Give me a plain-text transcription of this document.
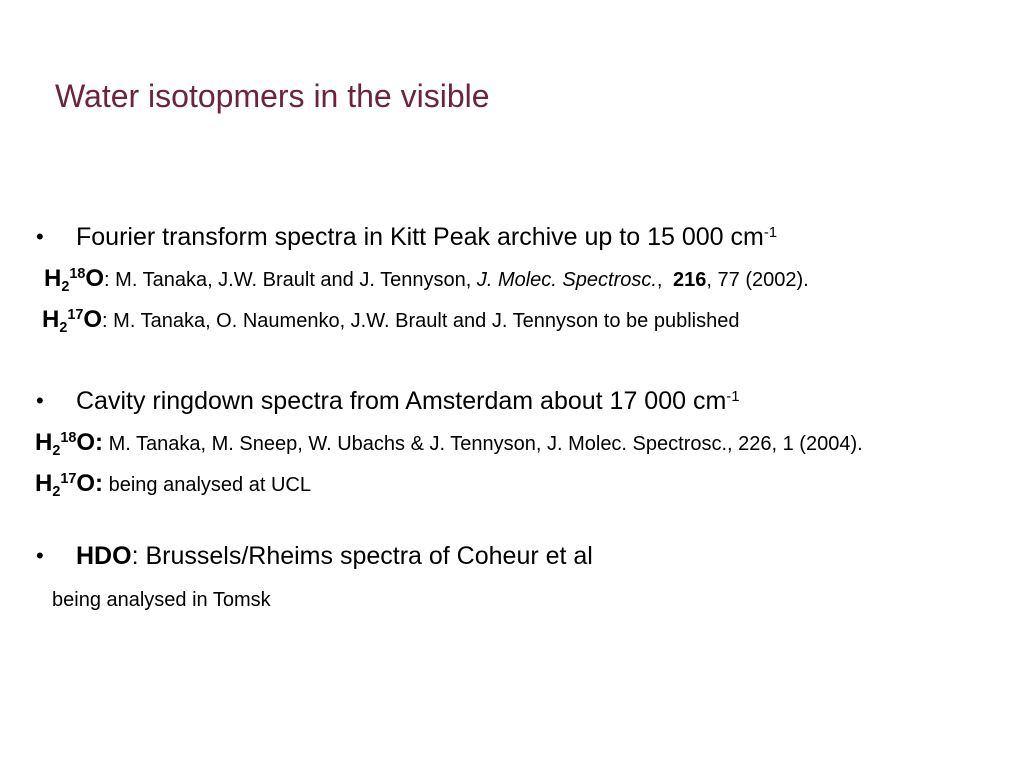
Water isotopmers in the visible
• Fourier transform spectra in Kitt Peak archive up to 15 000 $cm^{-1}$
$H_2^{18}O$: M. Tanaka, J.W. Brault and J. Tennyson, J. Molec. Spectrosc., 216, 77 (2002).
$H_2^{17}O$: M. Tanaka, O. Naumenko, J.W. Brault and J. Tennyson to be published
• Cavity ringdown spectra from Amsterdam about 17 000 $cm^{-1}$
$H_2^{18}O$: M. Tanaka, M. Sneep, W. Ubachs & J. Tennyson, J. Molec. Spectrosc., 226, 1 (2004).
$H_2^{17}O$: being analysed at UCL
• HDO: Brussels/Rheims spectra of Coheur et al
being analysed in Tomsk
